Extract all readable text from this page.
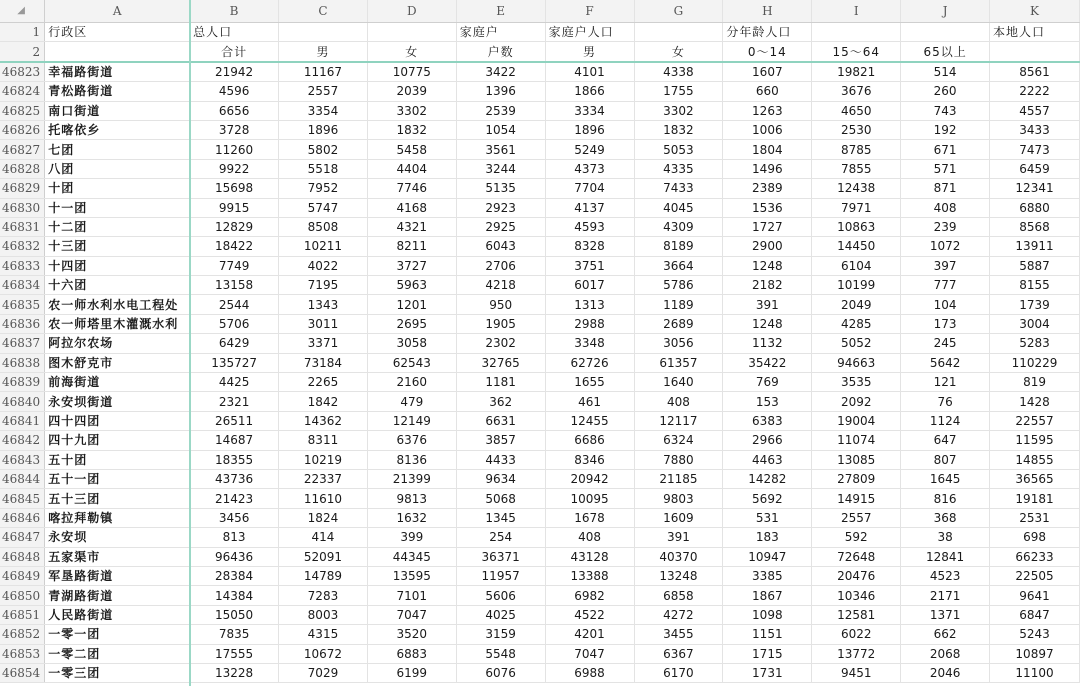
◢	A	B	C	D	E	F	G	H	I	J	K
1	行政区	总人口			家庭户	家庭户人口		分年龄人口			本地人口
2		合计	男	女	户数	男	女	0～14	15～64	65以上	
46823	幸福路街道	21942	11167	10775	3422	4101	4338	1607	19821	514	8561
46824	青松路街道	4596	2557	2039	1396	1866	1755	660	3676	260	2222
46825	南口街道	6656	3354	3302	2539	3334	3302	1263	4650	743	4557
46826	托喀依乡	3728	1896	1832	1054	1896	1832	1006	2530	192	3433
46827	七团	11260	5802	5458	3561	5249	5053	1804	8785	671	7473
46828	八团	9922	5518	4404	3244	4373	4335	1496	7855	571	6459
46829	十团	15698	7952	7746	5135	7704	7433	2389	12438	871	12341
46830	十一团	9915	5747	4168	2923	4137	4045	1536	7971	408	6880
46831	十二团	12829	8508	4321	2925	4593	4309	1727	10863	239	8568
46832	十三团	18422	10211	8211	6043	8328	8189	2900	14450	1072	13911
46833	十四团	7749	4022	3727	2706	3751	3664	1248	6104	397	5887
46834	十六团	13158	7195	5963	4218	6017	5786	2182	10199	777	8155
46835	农一师水利水电工程处	2544	1343	1201	950	1313	1189	391	2049	104	1739
46836	农一师塔里木灌溉水利	5706	3011	2695	1905	2988	2689	1248	4285	173	3004
46837	阿拉尔农场	6429	3371	3058	2302	3348	3056	1132	5052	245	5283
46838	图木舒克市	135727	73184	62543	32765	62726	61357	35422	94663	5642	110229
46839	前海街道	4425	2265	2160	1181	1655	1640	769	3535	121	819
46840	永安坝街道	2321	1842	479	362	461	408	153	2092	76	1428
46841	四十四团	26511	14362	12149	6631	12455	12117	6383	19004	1124	22557
46842	四十九团	14687	8311	6376	3857	6686	6324	2966	11074	647	11595
46843	五十团	18355	10219	8136	4433	8346	7880	4463	13085	807	14855
46844	五十一团	43736	22337	21399	9634	20942	21185	14282	27809	1645	36565
46845	五十三团	21423	11610	9813	5068	10095	9803	5692	14915	816	19181
46846	喀拉拜勒镇	3456	1824	1632	1345	1678	1609	531	2557	368	2531
46847	永安坝	813	414	399	254	408	391	183	592	38	698
46848	五家渠市	96436	52091	44345	36371	43128	40370	10947	72648	12841	66233
46849	军垦路街道	28384	14789	13595	11957	13388	13248	3385	20476	4523	22505
46850	青湖路街道	14384	7283	7101	5606	6982	6858	1867	10346	2171	9641
46851	人民路街道	15050	8003	7047	4025	4522	4272	1098	12581	1371	6847
46852	一零一团	7835	4315	3520	3159	4201	3455	1151	6022	662	5243
46853	一零二团	17555	10672	6883	5548	7047	6367	1715	13772	2068	10897
46854	一零三团	13228	7029	6199	6076	6988	6170	1731	9451	2046	11100
